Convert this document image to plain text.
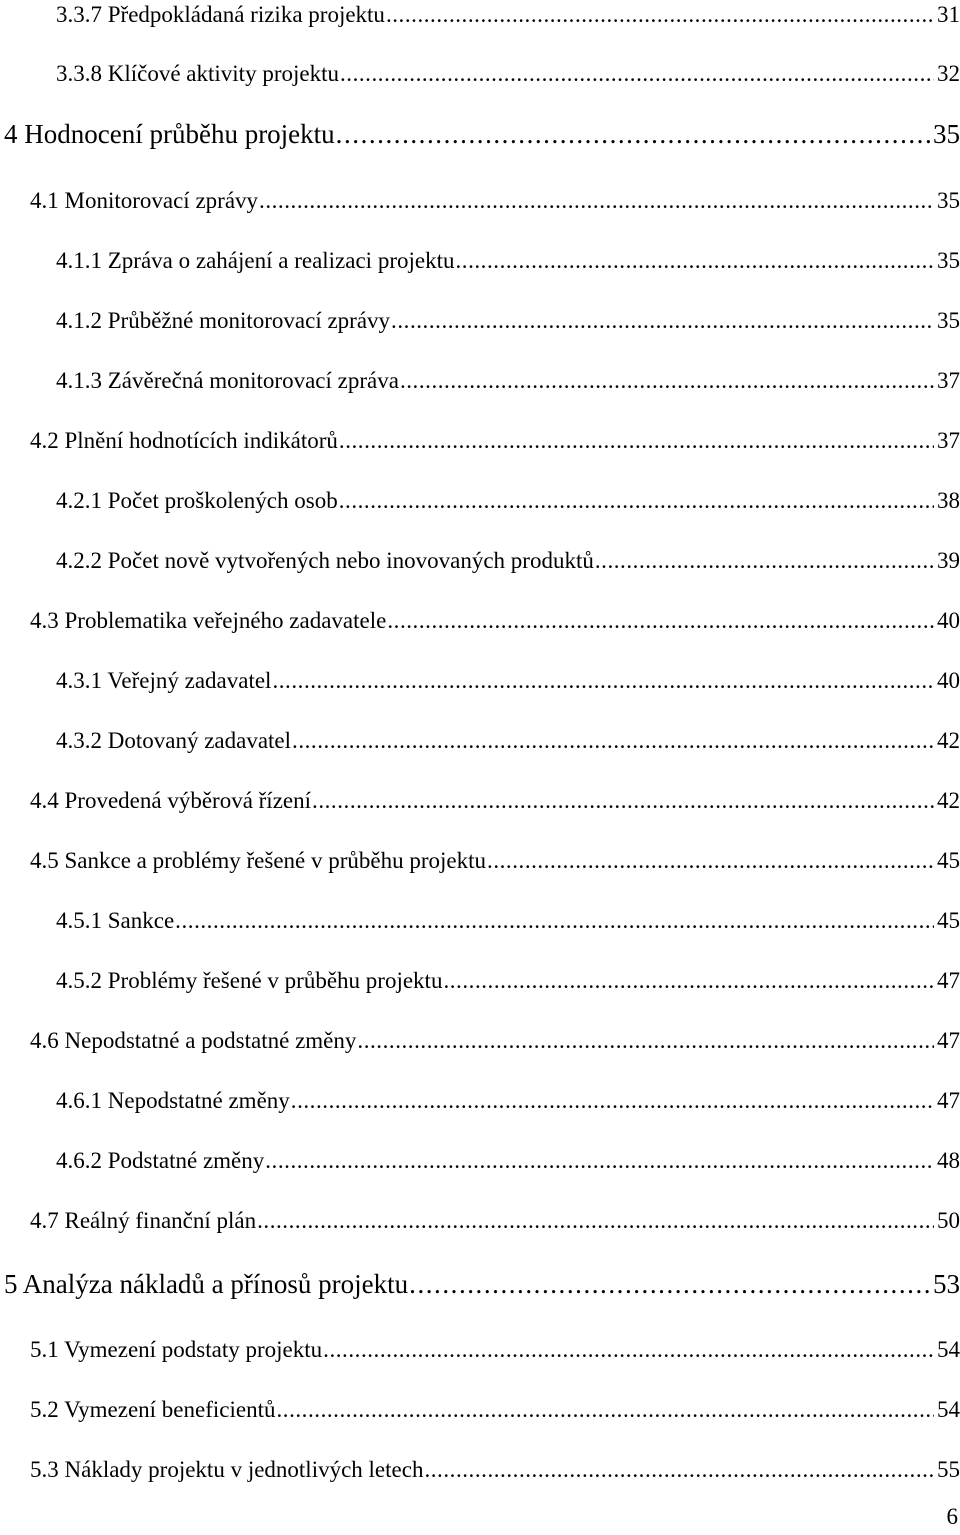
3.3.7 Předpokládaná rizika projektu . . .	31
3.3.8 Klíčové aktivity projektu . . .	32
4 Hodnocení průběhu projektu . . .	35
4.1 Monitorovací zprávy . . .	35
4.1.1 Zpráva o zahájení a realizaci projektu . . .	35
4.1.2 Průběžné monitorovací zprávy . . .	35
4.1.3 Závěrečná monitorovací zpráva . . .	37
4.2 Plnění hodnotících indikátorů . . .	37
4.2.1 Počet proškolených osob . . .	38
4.2.2 Počet nově vytvořených nebo inovovaných produktů . . .	39
4.3 Problematika veřejného zadavatele . . .	40
4.3.1 Veřejný zadavatel . . .	40
4.3.2 Dotovaný zadavatel . . .	42
4.4 Provedená výběrová řízení . . .	42
4.5 Sankce a problémy řešené v průběhu projektu . . .	45
4.5.1 Sankce . . .	45
4.5.2 Problémy řešené v průběhu projektu . . .	47
4.6 Nepodstatné a podstatné změny . . .	47
4.6.1 Nepodstatné změny . . .	47
4.6.2 Podstatné změny . . .	48
4.7 Reálný finanční plán . . .	50
5 Analýza nákladů a přínosů projektu . . .	53
5.1 Vymezení podstaty projektu . . .	54
5.2 Vymezení beneficientů . . .	54
5.3 Náklady projektu v jednotlivých letech . . .	55
6
